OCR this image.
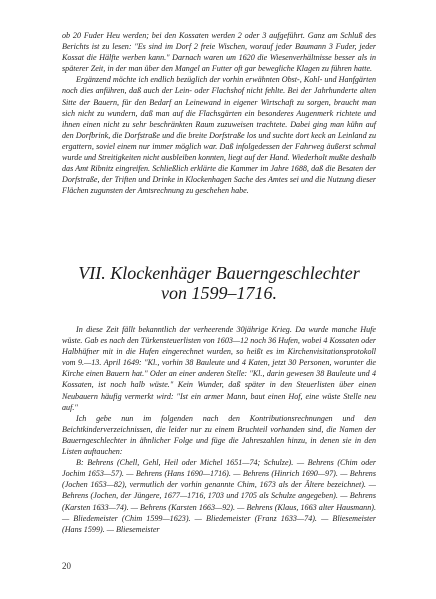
ob 20 Fuder Heu werden; bei den Kossaten werden 2 oder 3 aufgeführt. Ganz am Schluß des Berichts ist zu lesen: "Es sind im Dorf 2 freie Wischen, worauf jeder Baumann 3 Fuder, jeder Kossat die Hälfte werben kann." Darnach waren um 1620 die Wiesenverhältnisse besser als in späterer Zeit, in der man über den Mangel an Futter oft gar bewegliche Klagen zu führen hatte.

Ergänzend möchte ich endlich bezüglich der vorhin erwähnten Obst-, Kohl- und Hanfgärten noch dies anführen, daß auch der Lein- oder Flachshof nicht fehlte. Bei der Jahrhunderte alten Sitte der Bauern, für den Bedarf an Leinewand in eigener Wirtschaft zu sorgen, braucht man sich nicht zu wundern, daß man auf die Flachsgärten ein besonderes Augenmerk richtete und ihnen einen nicht zu sehr beschränkten Raum zuzuweisen trachtete. Dabei ging man kühn auf den Dorfbrink, die Dorfstraße und die breite Dorfstraße los und suchte dort keck an Leinland zu ergattern, soviel einem nur immer möglich war. Daß infolgedessen der Fahrweg äußerst schmal wurde und Streitigkeiten nicht ausbleiben konnten, liegt auf der Hand. Wiederholt mußte deshalb das Amt Ribnitz eingreifen. Schließlich erklärte die Kammer im Jahre 1688, daß die Besaten der Dorfstraße, der Triften und Drinke in Klockenhagen Sache des Amtes sei und die Nutzung dieser Flächen zugunsten der Amtsrechnung zu geschehen habe.

VII. Klockenhäger Bauerngeschlechter
von 1599–1716.

In diese Zeit fällt bekanntlich der verheerende 30jährige Krieg. Da wurde manche Hufe wüste. Gab es nach den Türkensteuerlisten von 1603—12 noch 36 Hufen, wobei 4 Kossaten oder Halbhüfner mit in die Hufen eingerechnet wurden, so heißt es im Kirchenvisitationsprotokoll vom 9.—13. April 1649: "Kl., vorhin 38 Bauleute und 4 Katen, jetzt 30 Personen, worunter die Kirche einen Bauern hat." Oder an einer anderen Stelle: "Kl., darin gewesen 38 Bauleute und 4 Kossaten, ist noch halb wüste." Kein Wunder, daß später in den Steuerlisten über einen Neubauern häufig vermerkt wird: "Ist ein armer Mann, baut einen Hof, eine wüste Stelle neu auf."

Ich gebe nun im folgenden nach den Kontributionsrechnungen und den Beichtkinderverzeichnissen, die leider nur zu einem Bruchteil vorhanden sind, die Namen der Bauerngeschlechter in ähnlicher Folge und füge die Jahreszahlen hinzu, in denen sie in den Listen auftauchen:

B: Behrens (Chell, Gehl, Heil oder Michel 1651—74; Schulze). — Behrens (Chim oder Jochim 1653—57). — Behrens (Hans 1690—1716). — Behrens (Hinrich 1690—97). — Behrens (Jochen 1653—82), vermutlich der vorhin genannte Chim, 1673 als der Ältere bezeichnet). — Behrens (Jochen, der Jüngere, 1677—1716, 1703 und 1705 als Schulze angegeben). — Behrens (Karsten 1633—74). — Behrens (Karsten 1663—92). — Behrens (Klaus, 1663 alter Hausmann). — Bliedemeister (Chim 1599—1623). — Bliedemeister (Franz 1633—74). — Bliesemeister (Hans 1599). — Bliesemeister

20
